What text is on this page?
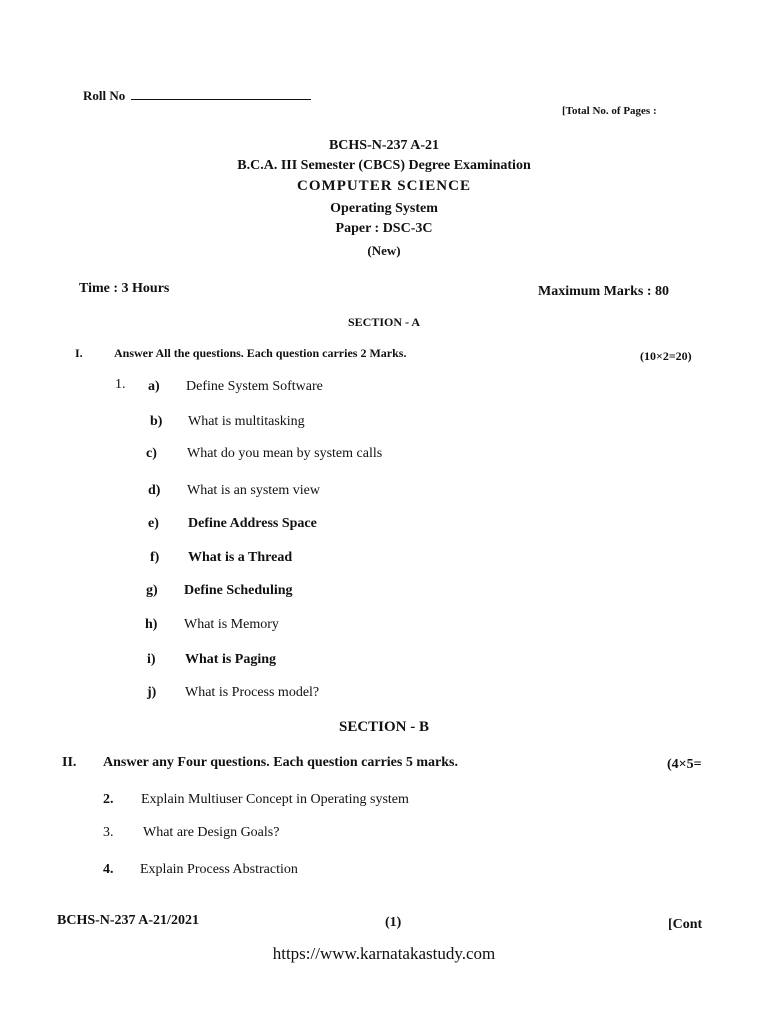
Roll No
[Total No. of Pages :
BCHS-N-237 A-21
B.C.A. III Semester (CBCS) Degree Examination
COMPUTER SCIENCE
Operating System
Paper : DSC-3C
(New)
Time : 3 Hours	Maximum Marks : 80
SECTION - A
I.	Answer All the questions. Each question carries 2 Marks.	(10×2=20)
1. a) Define System Software
b) What is multitasking
c) What do you mean by system calls
d) What is an system view
e) Define Address Space
f) What is a Thread
g) Define Scheduling
h) What is Memory
i) What is Paging
j) What is Process model?
SECTION - B
II. Answer any Four questions. Each question carries 5 marks.	(4×5=
2. Explain Multiuser Concept in Operating system
3. What are Design Goals?
4. Explain Process Abstraction
BCHS-N-237 A-21/2021	(1)	[Cont
https://www.karnatakastudy.com
